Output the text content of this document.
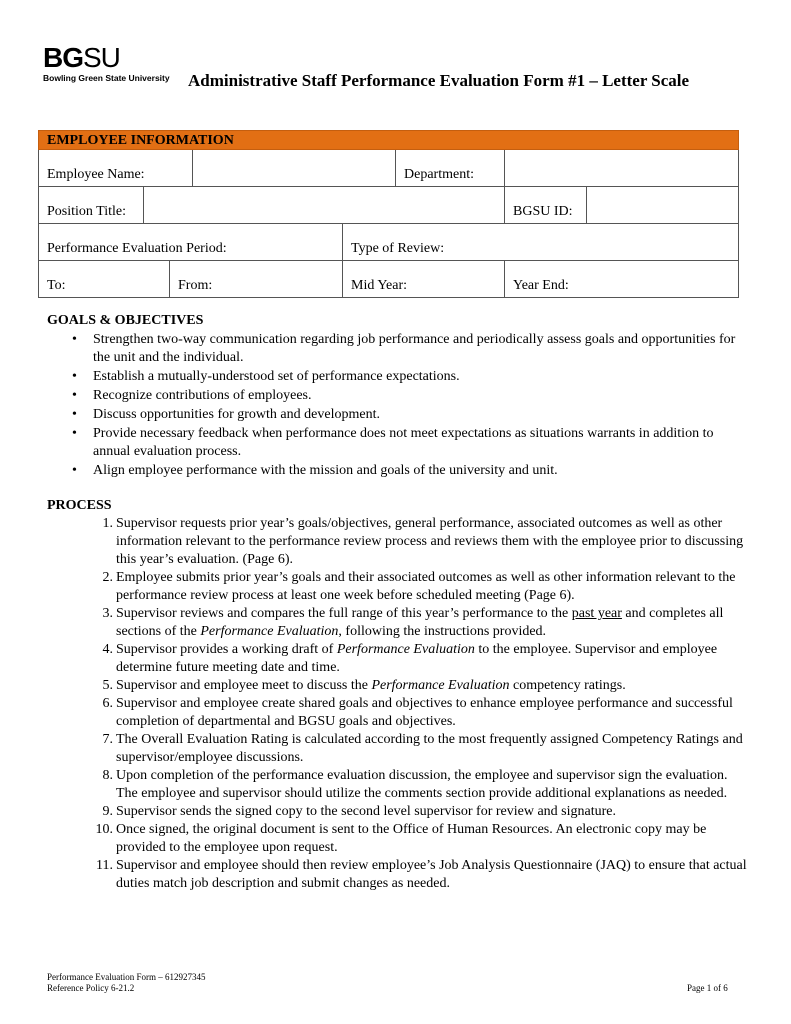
BGSU
Bowling Green State University	Administrative Staff Performance Evaluation Form #1 – Letter Scale
EMPLOYEE INFORMATION							
Employee Name:					Department:		
Position Title:						BGSU ID:	
Performance Evaluation Period:				Type of Review:			
To:		From:		Mid Year:		Year End:	
GOALS & OBJECTIVES
• Strengthen two-way communication regarding job performance and periodically assess goals and opportunities for the unit and the individual.
• Establish a mutually-understood set of performance expectations.
• Recognize contributions of employees.
• Discuss opportunities for growth and development.
• Provide necessary feedback when performance does not meet expectations as situations warrants in addition to annual evaluation process.
• Align employee performance with the mission and goals of the university and unit.
PROCESS
1. Supervisor requests prior year’s goals/objectives, general performance, associated outcomes as well as other information relevant to the performance review process and reviews them with the employee prior to discussing this year’s evaluation. (Page 6).
2. Employee submits prior year’s goals and their associated outcomes as well as other information relevant to the performance review process at least one week before scheduled meeting (Page 6).
3. Supervisor reviews and compares the full range of this year’s performance to the past year and completes all sections of the Performance Evaluation, following the instructions provided.
4. Supervisor provides a working draft of Performance Evaluation to the employee. Supervisor and employee determine future meeting date and time.
5. Supervisor and employee meet to discuss the Performance Evaluation competency ratings.
6. Supervisor and employee create shared goals and objectives to enhance employee performance and successful completion of departmental and BGSU goals and objectives.
7. The Overall Evaluation Rating is calculated according to the most frequently assigned Competency Ratings and supervisor/employee discussions.
8. Upon completion of the performance evaluation discussion, the employee and supervisor sign the evaluation. The employee and supervisor should utilize the comments section provide additional explanations as needed.
9. Supervisor sends the signed copy to the second level supervisor for review and signature.
10. Once signed, the original document is sent to the Office of Human Resources. An electronic copy may be provided to the employee upon request.
11. Supervisor and employee should then review employee’s Job Analysis Questionnaire (JAQ) to ensure that actual duties match job description and submit changes as needed.
Performance Evaluation Form – 612927345
Reference Policy 6-21.2	Page 1 of 6
